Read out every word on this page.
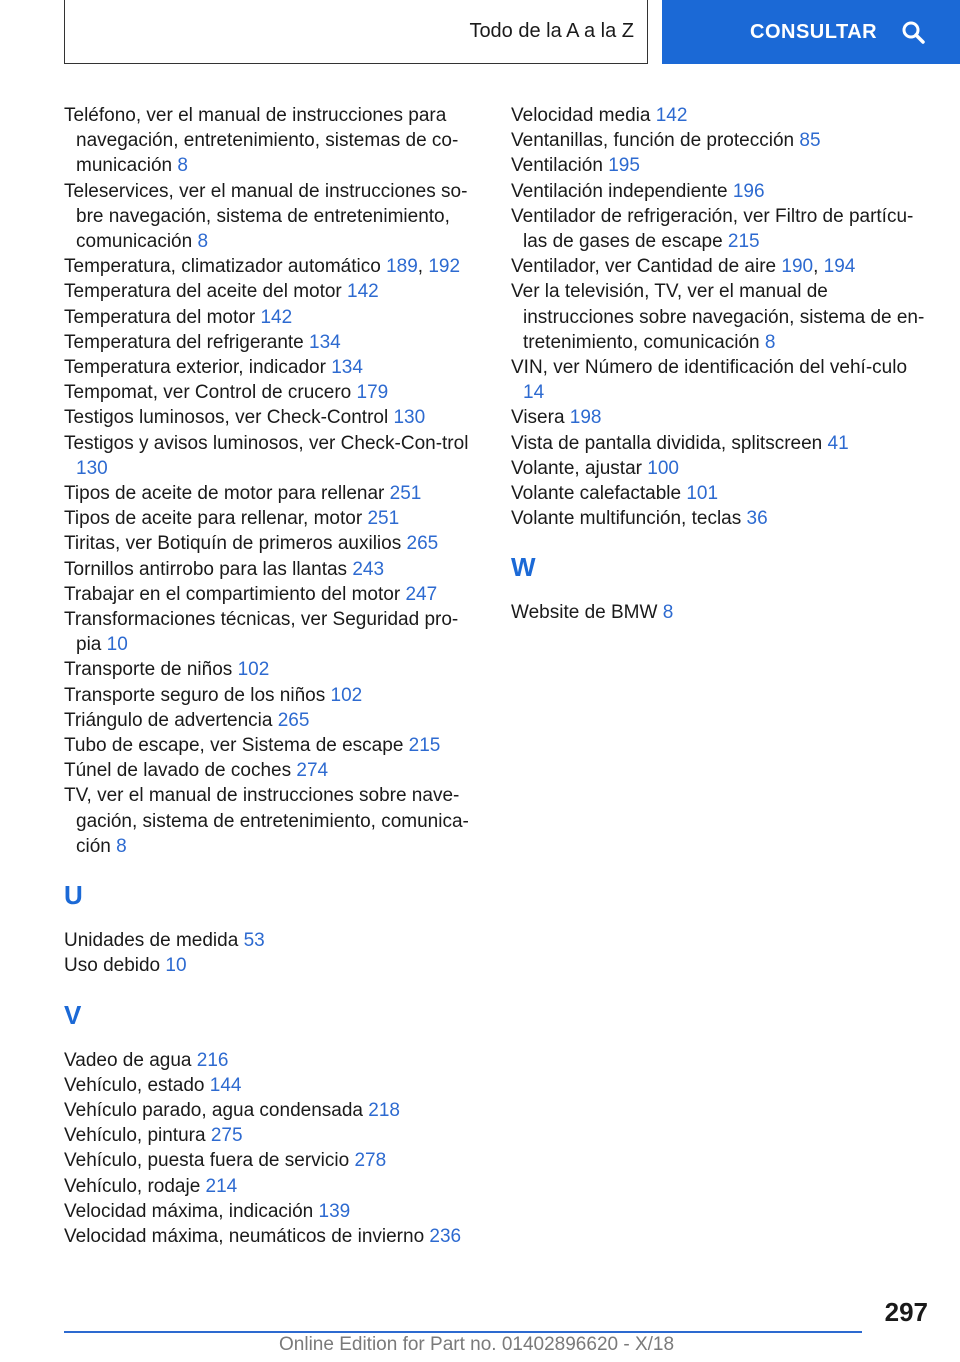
Todo de la A a la Z	CONSULTAR
Teléfono, ver el manual de instrucciones para navegación, entretenimiento, sistemas de co-municación 8
Teleservices, ver el manual de instrucciones so-bre navegación, sistema de entretenimiento, comunicación 8
Temperatura, climatizador automático 189, 192
Temperatura del aceite del motor 142
Temperatura del motor 142
Temperatura del refrigerante 134
Temperatura exterior, indicador 134
Tempomat, ver Control de crucero 179
Testigos luminosos, ver Check-Control 130
Testigos y avisos luminosos, ver Check-Con-trol 130
Tipos de aceite de motor para rellenar 251
Tipos de aceite para rellenar, motor 251
Tiritas, ver Botiquín de primeros auxilios 265
Tornillos antirrobo para las llantas 243
Trabajar en el compartimiento del motor 247
Transformaciones técnicas, ver Seguridad pro-pia 10
Transporte de niños 102
Transporte seguro de los niños 102
Triángulo de advertencia 265
Tubo de escape, ver Sistema de escape 215
Túnel de lavado de coches 274
TV, ver el manual de instrucciones sobre nave-gación, sistema de entretenimiento, comunica-ción 8
U
Unidades de medida 53
Uso debido 10
V
Vadeo de agua 216
Vehículo, estado 144
Vehículo parado, agua condensada 218
Vehículo, pintura 275
Vehículo, puesta fuera de servicio 278
Vehículo, rodaje 214
Velocidad máxima, indicación 139
Velocidad máxima, neumáticos de invierno 236
Velocidad media 142
Ventanillas, función de protección 85
Ventilación 195
Ventilación independiente 196
Ventilador de refrigeración, ver Filtro de partícu-las de gases de escape 215
Ventilador, ver Cantidad de aire 190, 194
Ver la televisión, TV, ver el manual de instrucciones sobre navegación, sistema de en-tretenimiento, comunicación 8
VIN, ver Número de identificación del vehí-culo 14
Visera 198
Vista de pantalla dividida, splitscreen 41
Volante, ajustar 100
Volante calefactable 101
Volante multifunción, teclas 36
W
Website de BMW 8
297
Online Edition for Part no. 01402896620 - X/18
